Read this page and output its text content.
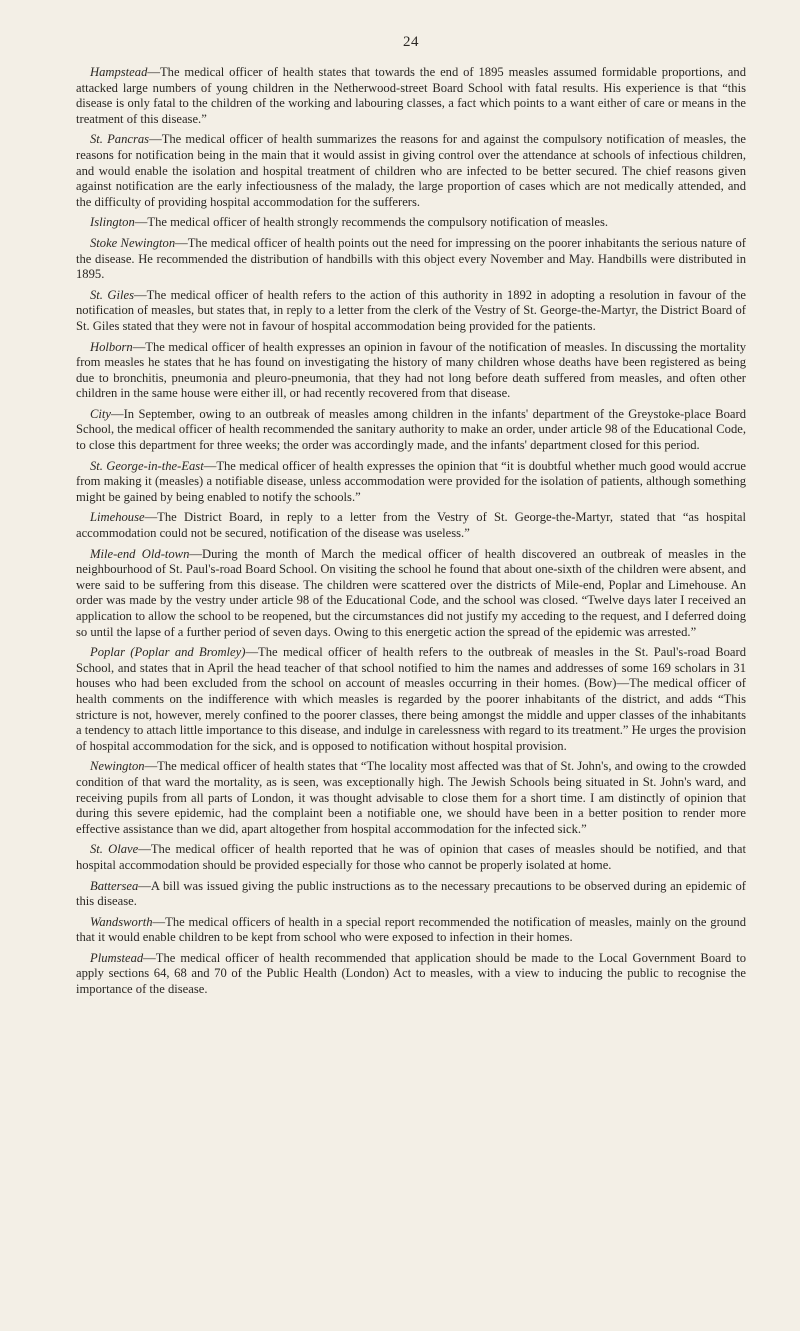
24

Hampstead—The medical officer of health states that towards the end of 1895 measles assumed formidable proportions, and attacked large numbers of young children in the Netherwood-street Board School with fatal results. His experience is that “this disease is only fatal to the children of the working and labouring classes, a fact which points to a want either of care or means in the treatment of this disease.”

St. Pancras—The medical officer of health summarizes the reasons for and against the compulsory notification of measles, the reasons for notification being in the main that it would assist in giving control over the attendance at schools of infectious children, and would enable the isolation and hospital treatment of children who are infected to be better secured. The chief reasons given against notification are the early infectiousness of the malady, the large proportion of cases which are not medically attended, and the difficulty of providing hospital accommodation for the sufferers.

Islington—The medical officer of health strongly recommends the compulsory notification of measles.

Stoke Newington—The medical officer of health points out the need for impressing on the poorer inhabitants the serious nature of the disease. He recommended the distribution of handbills with this object every November and May. Handbills were distributed in 1895.

St. Giles—The medical officer of health refers to the action of this authority in 1892 in adopting a resolution in favour of the notification of measles, but states that, in reply to a letter from the clerk of the Vestry of St. George-the-Martyr, the District Board of St. Giles stated that they were not in favour of hospital accommodation being provided for the patients.

Holborn—The medical officer of health expresses an opinion in favour of the notification of measles. In discussing the mortality from measles he states that he has found on investigating the history of many children whose deaths have been registered as being due to bronchitis, pneumonia and pleuro-pneumonia, that they had not long before death suffered from measles, and often other children in the same house were either ill, or had recently recovered from that disease.

City—In September, owing to an outbreak of measles among children in the infants' department of the Greystoke-place Board School, the medical officer of health recommended the sanitary authority to make an order, under article 98 of the Educational Code, to close this department for three weeks; the order was accordingly made, and the infants' department closed for this period.

St. George-in-the-East—The medical officer of health expresses the opinion that “it is doubtful whether much good would accrue from making it (measles) a notifiable disease, unless accommodation were provided for the isolation of patients, although something might be gained by being enabled to notify the schools.”

Limehouse—The District Board, in reply to a letter from the Vestry of St. George-the-Martyr, stated that “as hospital accommodation could not be secured, notification of the disease was useless.”

Mile-end Old-town—During the month of March the medical officer of health discovered an outbreak of measles in the neighbourhood of St. Paul's-road Board School. On visiting the school he found that about one-sixth of the children were absent, and were said to be suffering from this disease. The children were scattered over the districts of Mile-end, Poplar and Limehouse. An order was made by the vestry under article 98 of the Educational Code, and the school was closed. “Twelve days later I received an application to allow the school to be reopened, but the circumstances did not justify my acceding to the request, and I deferred doing so until the lapse of a further period of seven days. Owing to this energetic action the spread of the epidemic was arrested.”

Poplar (Poplar and Bromley)—The medical officer of health refers to the outbreak of measles in the St. Paul's-road Board School, and states that in April the head teacher of that school notified to him the names and addresses of some 169 scholars in 31 houses who had been excluded from the school on account of measles occurring in their homes. (Bow)—The medical officer of health comments on the indifference with which measles is regarded by the poorer inhabitants of the district, and adds “This stricture is not, however, merely confined to the poorer classes, there being amongst the middle and upper classes of the inhabitants a tendency to attach little importance to this disease, and indulge in carelessness with regard to its treatment.” He urges the provision of hospital accommodation for the sick, and is opposed to notification without hospital provision.

Newington—The medical officer of health states that “The locality most affected was that of St. John's, and owing to the crowded condition of that ward the mortality, as is seen, was exceptionally high. The Jewish Schools being situated in St. John's ward, and receiving pupils from all parts of London, it was thought advisable to close them for a short time. I am distinctly of opinion that during this severe epidemic, had the complaint been a notifiable one, we should have been in a better position to render more effective assistance than we did, apart altogether from hospital accommodation for the infected sick.”

St. Olave—The medical officer of health reported that he was of opinion that cases of measles should be notified, and that hospital accommodation should be provided especially for those who cannot be properly isolated at home.

Battersea—A bill was issued giving the public instructions as to the necessary precautions to be observed during an epidemic of this disease.

Wandsworth—The medical officers of health in a special report recommended the notification of measles, mainly on the ground that it would enable children to be kept from school who were exposed to infection in their homes.

Plumstead—The medical officer of health recommended that application should be made to the Local Government Board to apply sections 64, 68 and 70 of the Public Health (London) Act to measles, with a view to inducing the public to recognise the importance of the disease.
